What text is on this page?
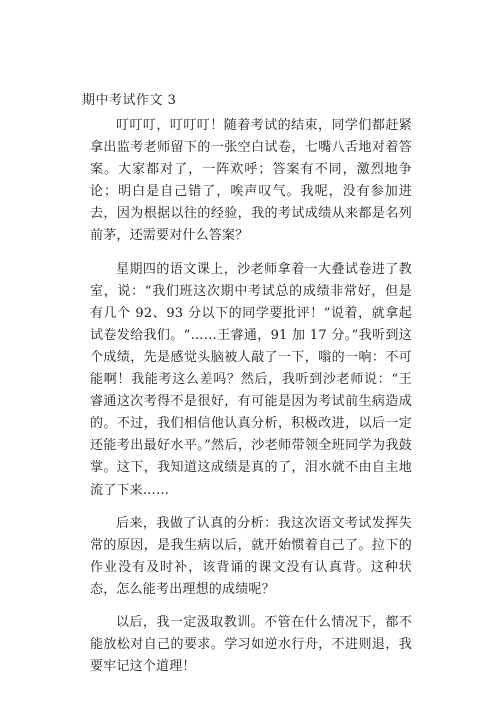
期中考试作文 3

叮叮叮，叮叮叮！随着考试的结束，同学们都赶紧拿出监考老师留下的一张空白试卷，七嘴八舌地对着答案。大家都对了，一阵欢呼；答案有不同，激烈地争论；明白是自己错了，唉声叹气。我呢，没有参加进去，因为根据以往的经验，我的考试成绩从来都是名列前茅，还需要对什么答案？

星期四的语文课上，沙老师拿着一大叠试卷进了教室，说：“我们班这次期中考试总的成绩非常好，但是有几个 92、93 分以下的同学要批评！”说着，就拿起试卷发给我们。“……王睿通，91 加 17 分。”我听到这个成绩，先是感觉头脑被人敲了一下，嗡的一响：不可能啊！我能考这么差吗？然后，我听到沙老师说：“王睿通这次考得不是很好，有可能是因为考试前生病造成的。不过，我们相信他认真分析，积极改进，以后一定还能考出最好水平。”然后，沙老师带领全班同学为我鼓掌。这下，我知道这成绩是真的了，泪水就不由自主地流了下来……

后来，我做了认真的分析：我这次语文考试发挥失常的原因，是我生病以后，就开始惯着自己了。拉下的作业没有及时补，该背诵的课文没有认真背。这种状态，怎么能考出理想的成绩呢？

以后，我一定汲取教训。不管在什么情况下，都不能放松对自己的要求。学习如逆水行舟，不进则退，我要牢记这个道理！
